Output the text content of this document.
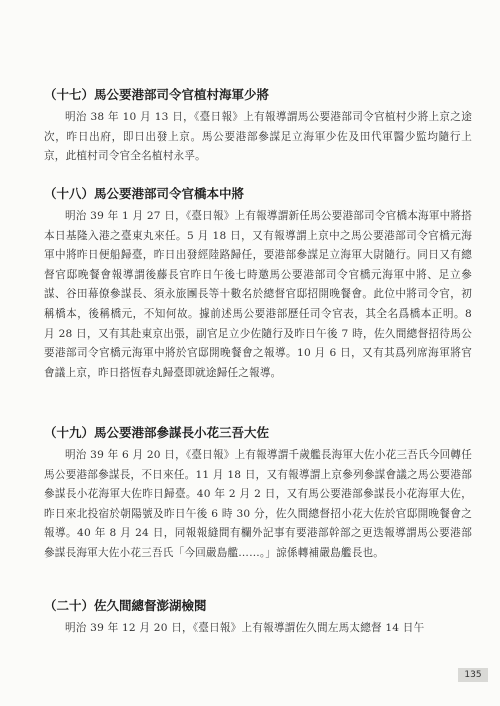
（十七）馬公要港部司令官植村海軍少將

明治 38 年 10 月 13 日，《臺日報》上有報導謂馬公要港部司令官植村少將上京之途次，昨日出府，即日出發上京。馬公要港部參謀足立海軍少佐及田代軍醫少監均隨行上京，此植村司令官全名植村永孚。

（十八）馬公要港部司令官橋本中將

明治 39 年 1 月 27 日，《臺日報》上有報導謂新任馬公要港部司令官橋本海軍中將搭本日基隆入港之臺東丸來任。5 月 18 日，又有報導謂上京中之馬公要港部司令官橋元海軍中將昨日便船歸臺，昨日出發經陸路歸任，要港部參謀足立海軍大尉隨行。同日又有總督官邸晚餐會報導謂後藤長官昨日午後七時邀馬公要港部司令官橋元海軍中將、足立參謀、谷田幕僚參謀長、須永旅團長等十數名於總督官邸招開晚餐會。此位中將司令官，初稱橋本，後稱橋元，不知何故。據前述馬公要港部歷任司令官表，其全名爲橋本正明。8 月 28 日，又有其赴東京出張，副官足立少佐隨行及昨日午後 7 時，佐久間總督招待馬公要港部司令官橋元海軍中將於官邸開晚餐會之報導。10 月 6 日，又有其爲列席海軍將官會議上京，昨日搭恆春丸歸臺即就途歸任之報導。

（十九）馬公要港部參謀長小花三吾大佐

明治 39 年 6 月 20 日，《臺日報》上有報導謂千歲艦長海軍大佐小花三吾氏今回轉任馬公要港部參謀長，不日來任。11 月 18 日，又有報導謂上京參列參謀會議之馬公要港部參謀長小花海軍大佐昨日歸臺。40 年 2 月 2 日，又有馬公要港部參謀長小花海軍大佐，昨日來北投宿於朝陽號及昨日午後 6 時 30 分，佐久間總督招小花大佐於官邸開晚餐會之報導。40 年 8 月 24 日，同報報縫間有欄外記事有要港部幹部之更迭報導謂馬公要港部參謀長海軍大佐小花三吾氏「今回嚴島艦……。」諒係轉補嚴島艦長也。

（二十）佐久間總督澎湖檢閱

明治 39 年 12 月 20 日，《臺日報》上有報導謂佐久間左馬太總督 14 日午

135
